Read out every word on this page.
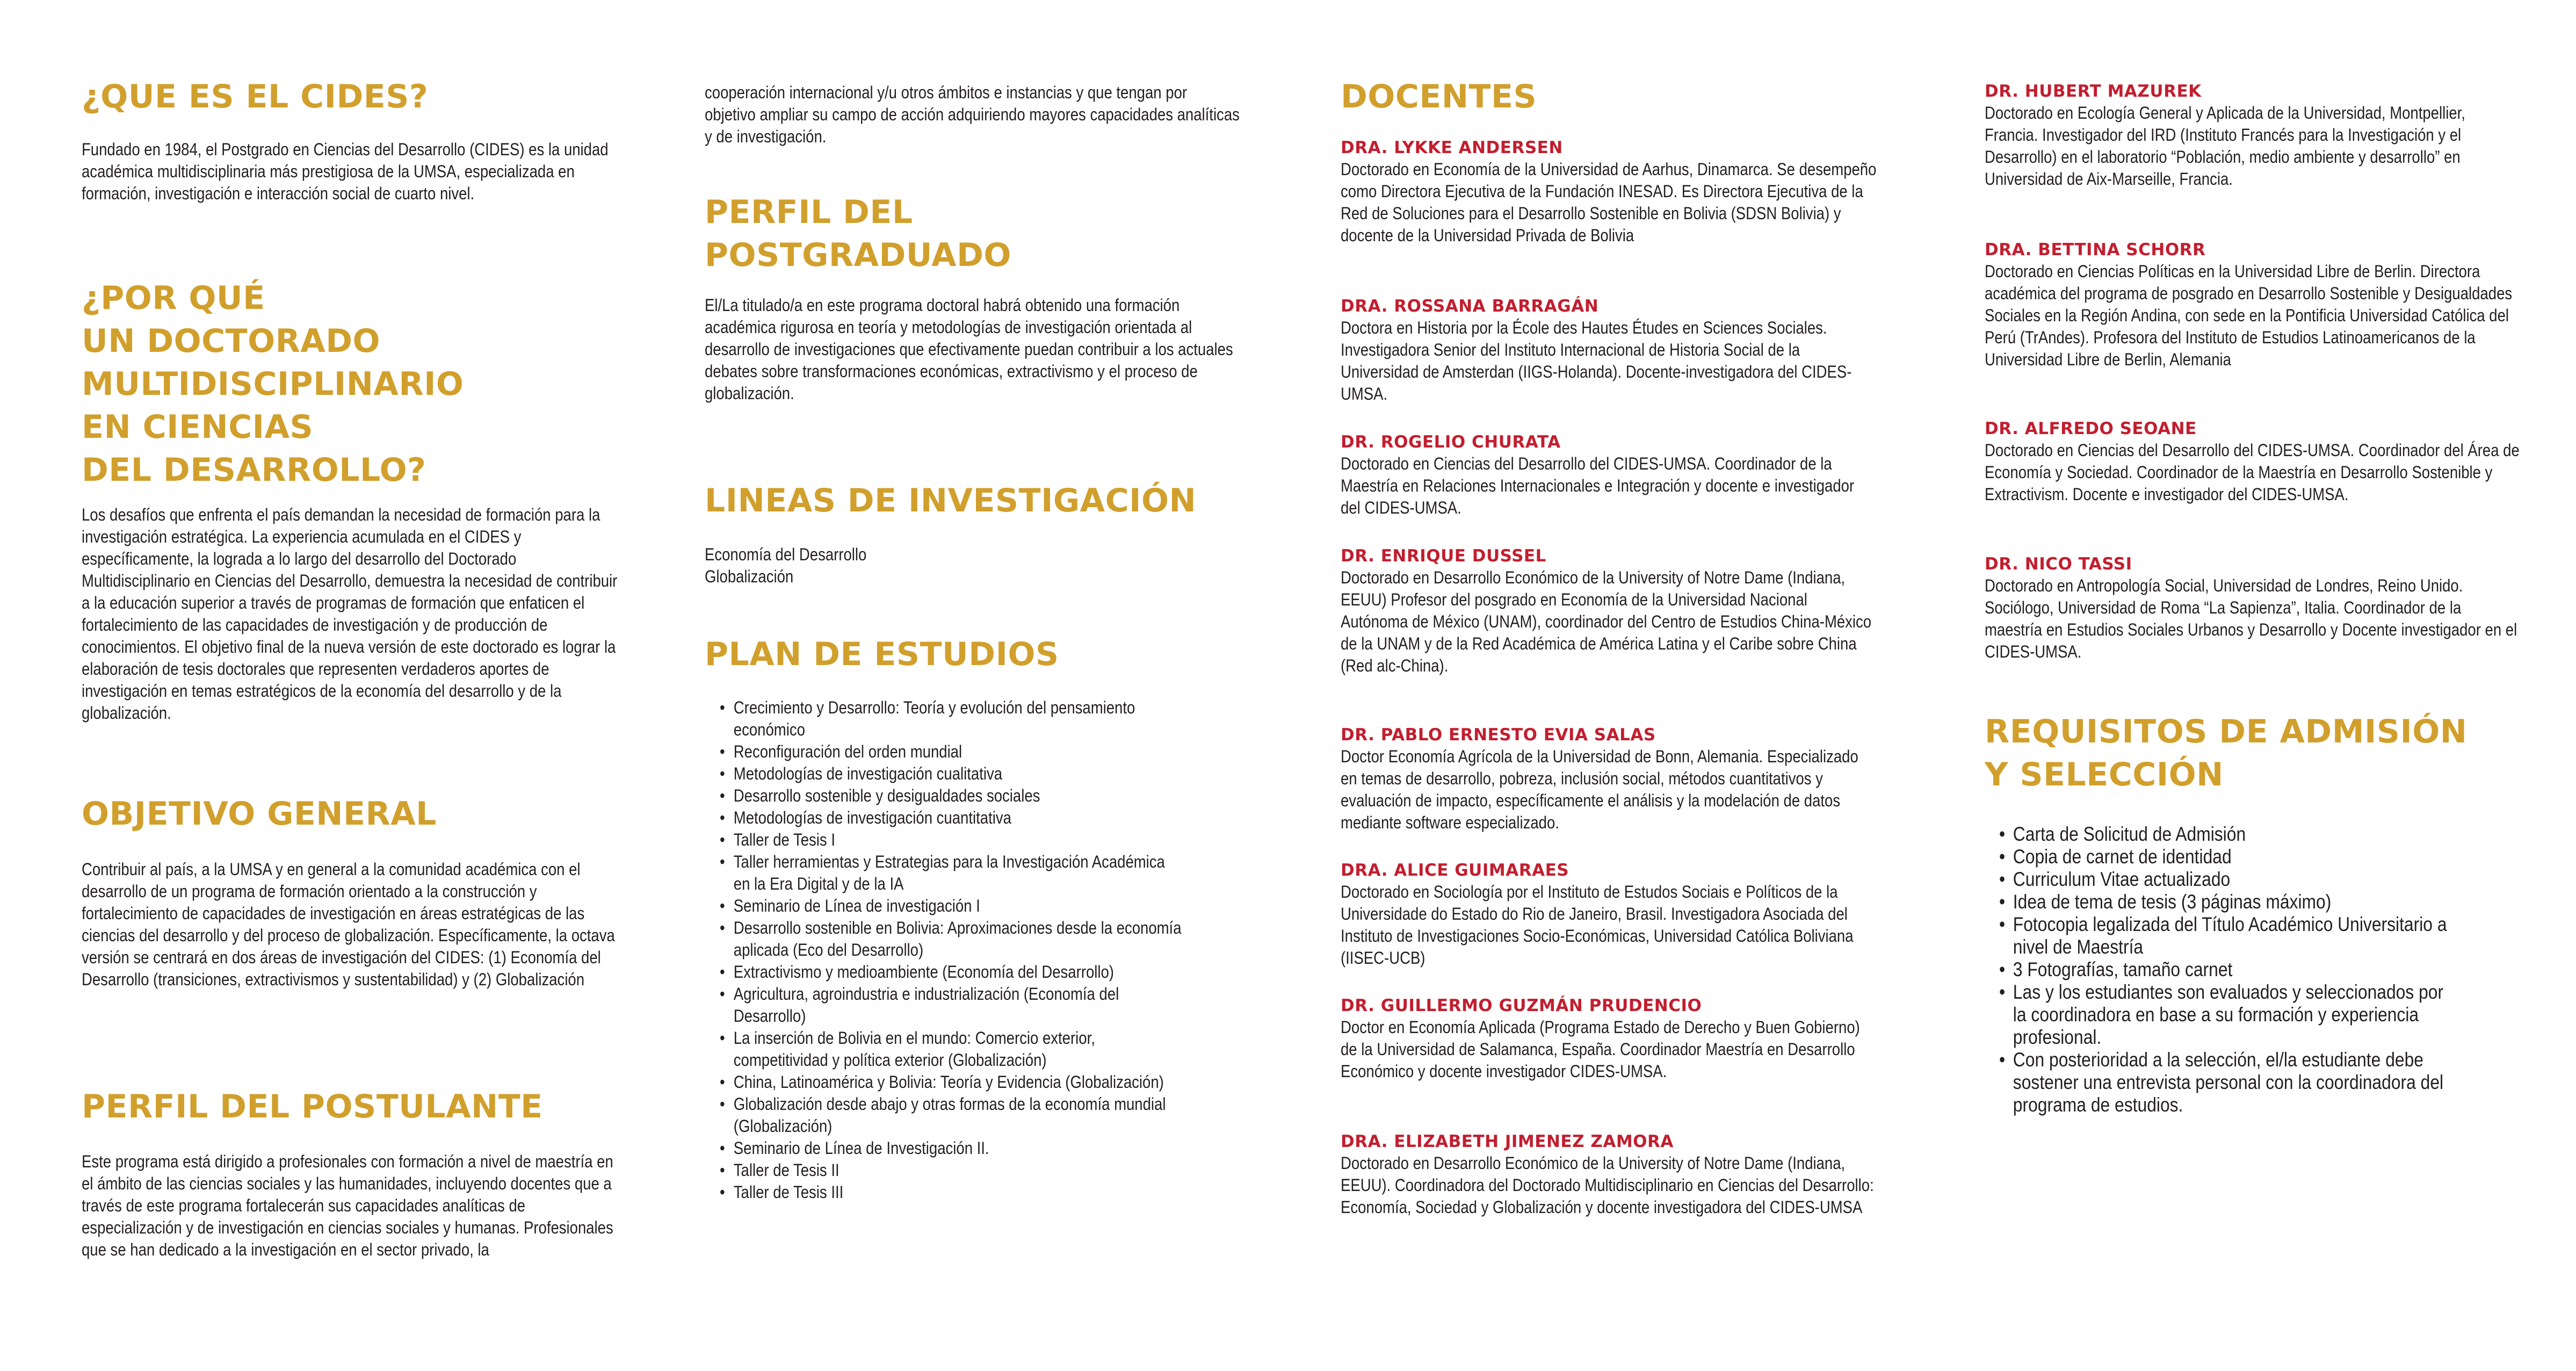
¿QUE ES EL CIDES?

Fundado en 1984, el Postgrado en Ciencias del Desarrollo (CIDES) es la unidad académica multidisciplinaria más prestigiosa de la UMSA, especializada en formación, investigación e interacción social de cuarto nivel.

¿POR QUÉ
UN DOCTORADO
MULTIDISCIPLINARIO
EN CIENCIAS
DEL DESARROLLO?

Los desafíos que enfrenta el país demandan la necesidad de formación para la investigación estratégica. La experiencia acumulada en el CIDES y específicamente, la lograda a lo largo del desarrollo del Doctorado Multidisciplinario en Ciencias del Desarrollo, demuestra la necesidad de contribuir a la educación superior a través de programas de formación que enfaticen el fortalecimiento de las capacidades de investigación y de producción de conocimientos. El objetivo final de la nueva versión de este doctorado es lograr la elaboración de tesis doctorales que representen verdaderos aportes de investigación en temas estratégicos de la economía del desarrollo y de la globalización.

OBJETIVO GENERAL

Contribuir al país, a la UMSA y en general a la comunidad académica con el desarrollo de un programa de formación orientado a la construcción y fortalecimiento de capacidades de investigación en áreas estratégicas de las ciencias del desarrollo y del proceso de globalización. Específicamente, la octava versión se centrará en dos áreas de investigación del CIDES: (1) Economía del Desarrollo (transiciones, extractivismos y sustentabilidad) y (2) Globalización

PERFIL DEL POSTULANTE

Este programa está dirigido a profesionales con formación a nivel de maestría en el ámbito de las ciencias sociales y las humanidades, incluyendo docentes que a través de este programa fortalecerán sus capacidades analíticas de especialización y de investigación en ciencias sociales y humanas. Profesionales que se han dedicado a la investigación en el sector privado, la

cooperación internacional y/u otros ámbitos e instancias y que tengan por objetivo ampliar su campo de acción adquiriendo mayores capacidades analíticas y de investigación.

PERFIL DEL
POSTGRADUADO

El/La titulado/a en este programa doctoral habrá obtenido una formación académica rigurosa en teoría y metodologías de investigación orientada al desarrollo de investigaciones que efectivamente puedan contribuir a los actuales debates sobre transformaciones económicas, extractivismo y el proceso de globalización.

LINEAS DE INVESTIGACIÓN
Economía del Desarrollo
Globalización
PLAN DE ESTUDIOS
• Crecimiento y Desarrollo: Teoría y evolución del pensamiento económico
• Reconfiguración del orden mundial
• Metodologías de investigación cualitativa
• Desarrollo sostenible y desigualdades sociales
• Metodologías de investigación cuantitativa
• Taller de Tesis I
• Taller herramientas y Estrategias para la Investigación Académica en la Era Digital y de la IA
• Seminario de Línea de investigación I
• Desarrollo sostenible en Bolivia: Aproximaciones desde la economía aplicada (Eco del Desarrollo)
• Extractivismo y medioambiente (Economía del Desarrollo)
• Agricultura, agroindustria e industrialización (Economía del Desarrollo)
• La inserción de Bolivia en el mundo: Comercio exterior, competitividad y política exterior (Globalización)
• China, Latinoamérica y Bolivia: Teoría y Evidencia (Globalización)
• Globalización desde abajo y otras formas de la economía mundial (Globalización)
• Seminario de Línea de Investigación II.
• Taller de Tesis II
• Taller de Tesis III
DOCENTES
DRA. LYKKE ANDERSEN

Doctorado en Economía de la Universidad de Aarhus, Dinamarca. Se desempeño como Directora Ejecutiva de la Fundación INESAD. Es Directora Ejecutiva de la Red de Soluciones para el Desarrollo Sostenible en Bolivia (SDSN Bolivia) y docente de la Universidad Privada de Bolivia

DRA. ROSSANA BARRAGÁN

Doctora en Historia por la École des Hautes Études en Sciences Sociales. Investigadora Senior del Instituto Internacional de Historia Social de la Universidad de Amsterdan (IIGS-Holanda). Docente-investigadora del CIDES-UMSA.

DR. ROGELIO CHURATA

Doctorado en Ciencias del Desarrollo del CIDES-UMSA. Coordinador de la Maestría en Relaciones Internacionales e Integración y docente e investigador del CIDES-UMSA.

DR. ENRIQUE DUSSEL

Doctorado en Desarrollo Económico de la University of Notre Dame (Indiana, EEUU) Profesor del posgrado en Economía de la Universidad Nacional Autónoma de México (UNAM), coordinador del Centro de Estudios China-México de la UNAM y de la Red Académica de América Latina y el Caribe sobre China (Red alc-China).

DR. PABLO ERNESTO EVIA SALAS

Doctor Economía Agrícola de la Universidad de Bonn, Alemania. Especializado en temas de desarrollo, pobreza, inclusión social, métodos cuantitativos y evaluación de impacto, específicamente el análisis y la modelación de datos mediante software especializado.

DRA. ALICE GUIMARAES

Doctorado en Sociología por el Instituto de Estudos Sociais e Políticos de la Universidade do Estado do Rio de Janeiro, Brasil. Investigadora Asociada del Instituto de Investigaciones Socio-Económicas, Universidad Católica Boliviana (IISEC-UCB)

DR. GUILLERMO GUZMÁN PRUDENCIO

Doctor en Economía Aplicada (Programa Estado de Derecho y Buen Gobierno) de la Universidad de Salamanca, España. Coordinador Maestría en Desarrollo Económico y docente investigador CIDES-UMSA.

DRA. ELIZABETH JIMENEZ ZAMORA

Doctorado en Desarrollo Económico de la University of Notre Dame (Indiana, EEUU). Coordinadora del Doctorado Multidisciplinario en Ciencias del Desarrollo: Economía, Sociedad y Globalización y docente investigadora del CIDES-UMSA

DR. HUBERT MAZUREK

Doctorado en Ecología General y Aplicada de la Universidad, Montpellier, Francia. Investigador del IRD (Instituto Francés para la Investigación y el Desarrollo) en el laboratorio “Población, medio ambiente y desarrollo” en Universidad de Aix-Marseille, Francia.

DRA. BETTINA SCHORR

Doctorado en Ciencias Políticas en la Universidad Libre de Berlin. Directora académica del programa de posgrado en Desarrollo Sostenible y Desigualdades Sociales en la Región Andina, con sede en la Pontificia Universidad Católica del Perú (TrAndes). Profesora del Instituto de Estudios Latinoamericanos de la Universidad Libre de Berlin, Alemania

DR. ALFREDO SEOANE

Doctorado en Ciencias del Desarrollo del CIDES-UMSA. Coordinador del Área de Economía y Sociedad. Coordinador de la Maestría en Desarrollo Sostenible y Extractivism. Docente e investigador del CIDES-UMSA.

DR. NICO TASSI

Doctorado en Antropología Social, Universidad de Londres, Reino Unido. Sociólogo, Universidad de Roma “La Sapienza”, Italia. Coordinador de la maestría en Estudios Sociales Urbanos y Desarrollo y Docente investigador en el CIDES-UMSA.

REQUISITOS DE ADMISIÓN
Y SELECCIÓN
• Carta de Solicitud de Admisión
• Copia de carnet de identidad
• Curriculum Vitae actualizado
• Idea de tema de tesis (3 páginas máximo)
• Fotocopia legalizada del Título Académico Universitario a nivel de Maestría
• 3 Fotografías, tamaño carnet
• Las y los estudiantes son evaluados y seleccionados por la coordinadora en base a su formación y experiencia profesional.
• Con posterioridad a la selección, el/la estudiante debe sostener una entrevista personal con la coordinadora del programa de estudios.
